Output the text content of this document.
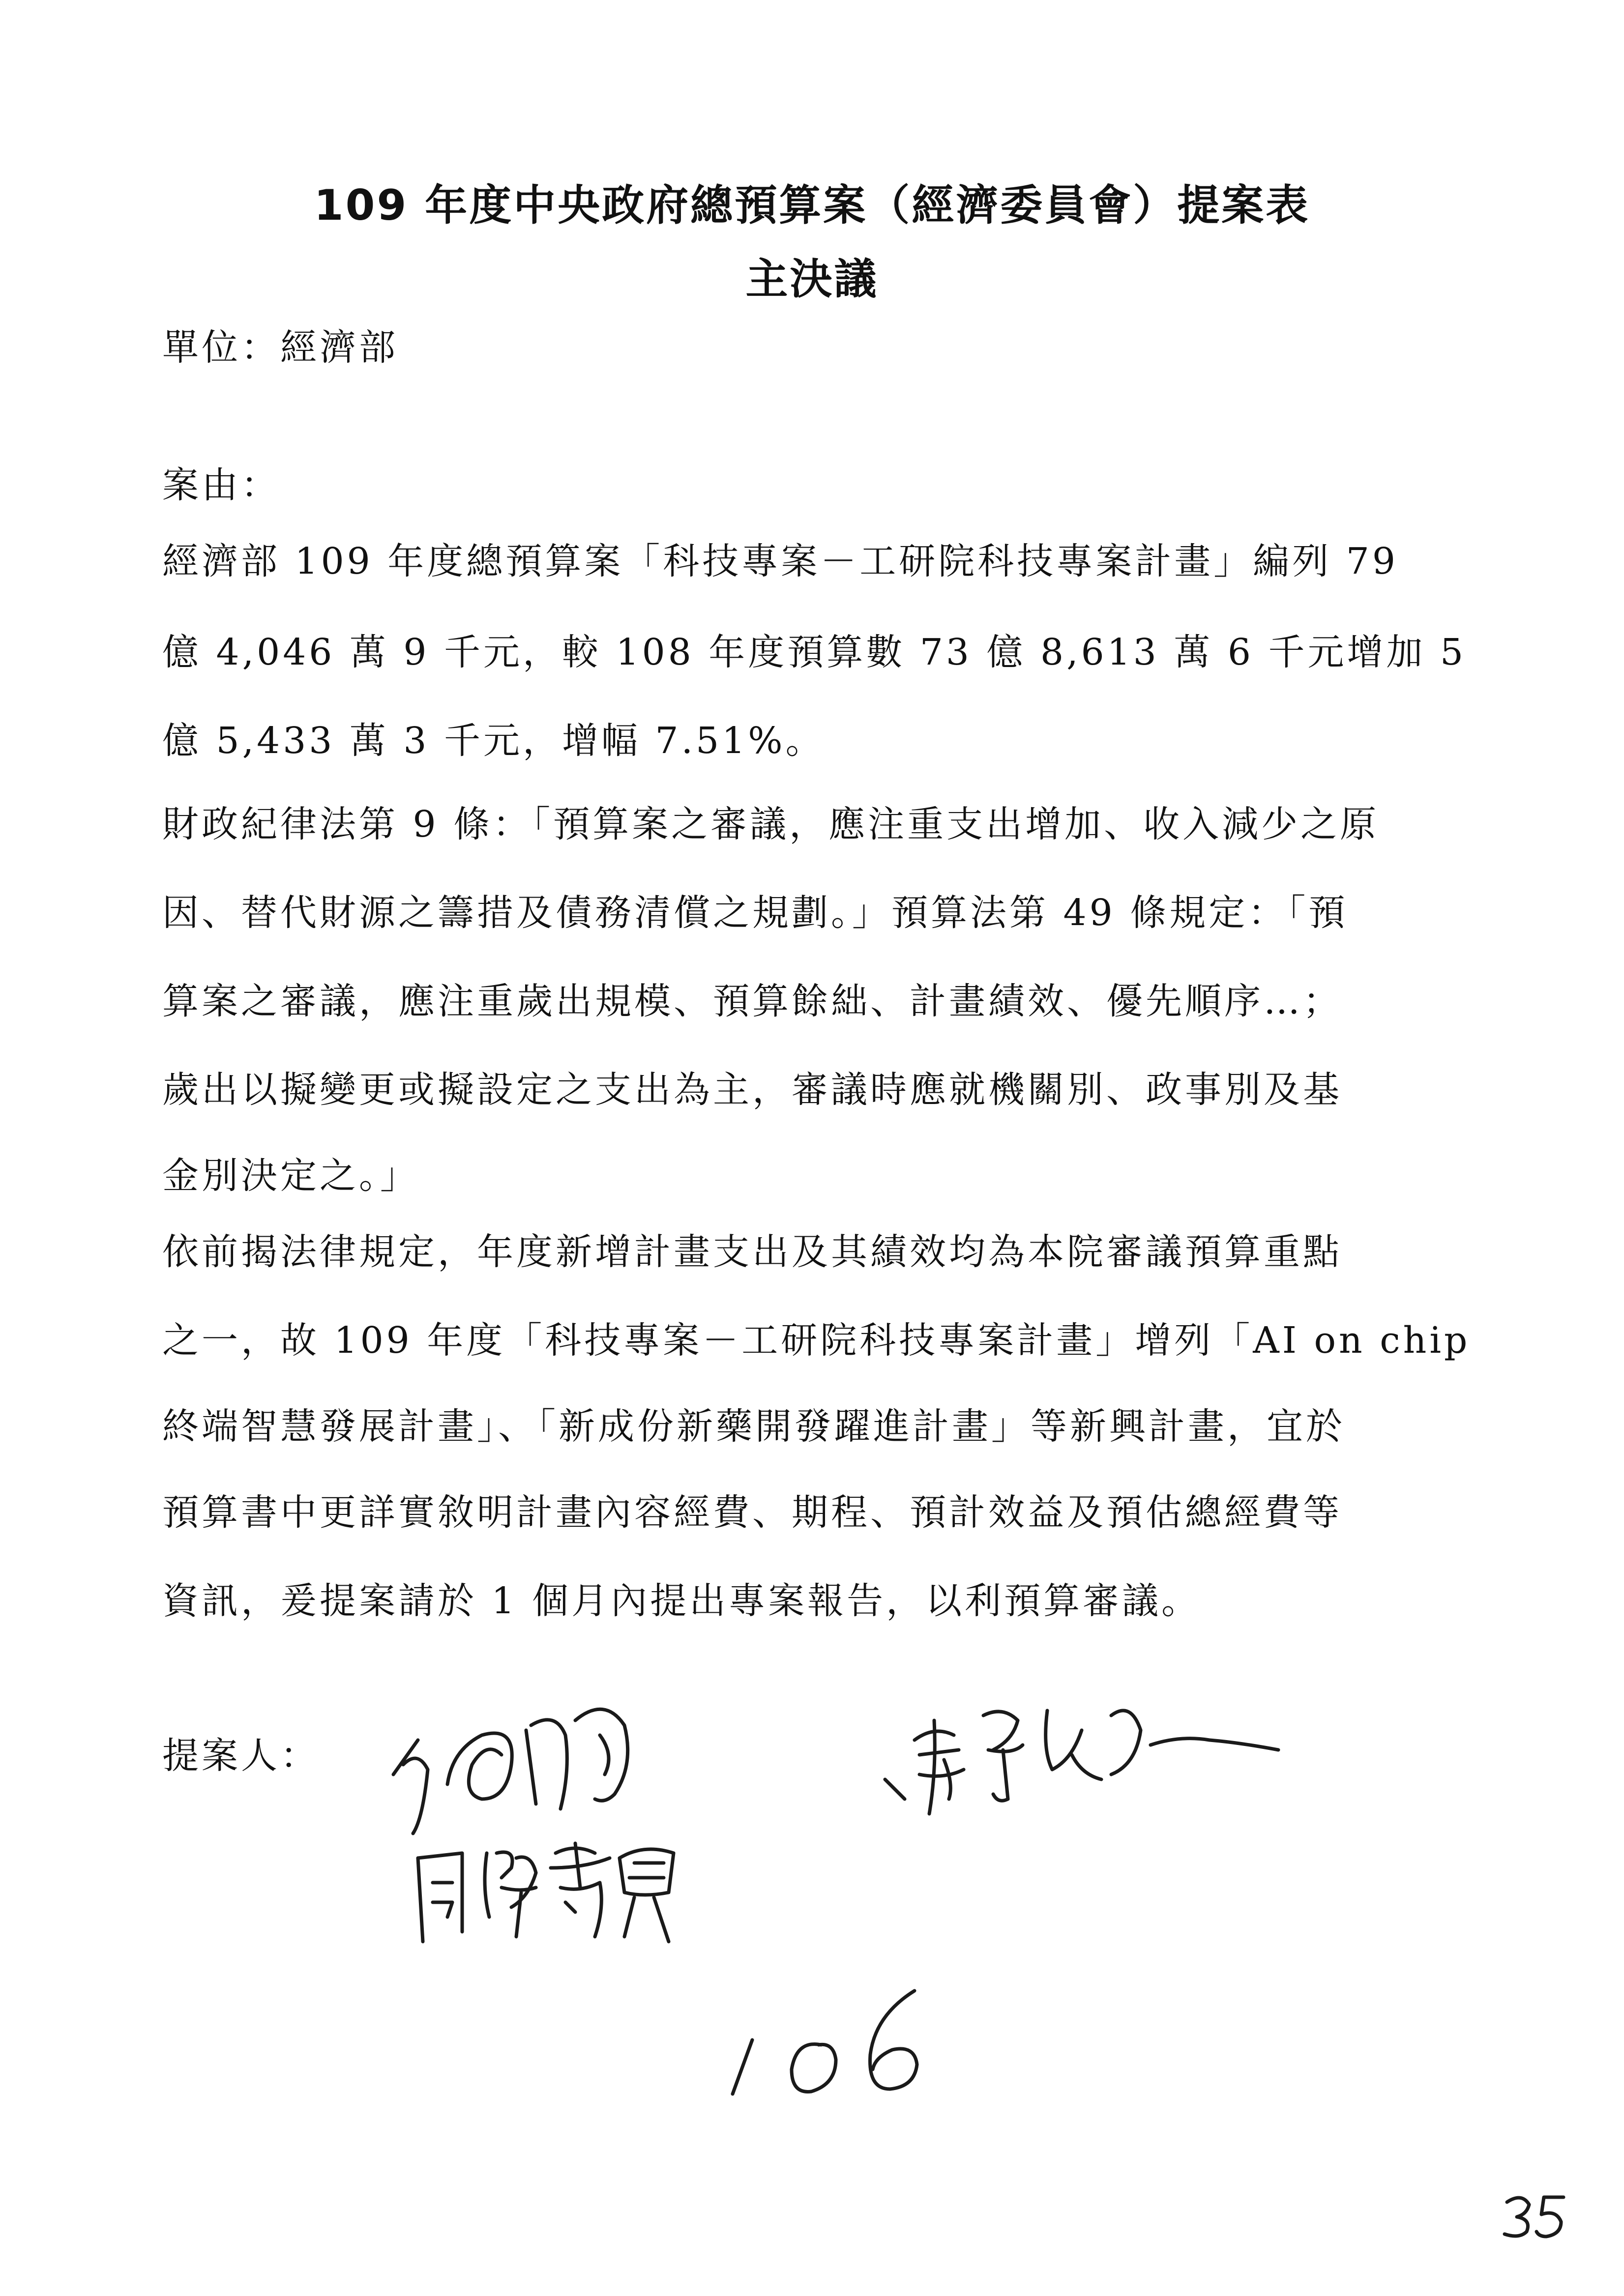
109 年度中央政府總預算案（經濟委員會）提案表
主決議
單位：經濟部
案由：
經濟部 109 年度總預算案「科技專案－工研院科技專案計畫」編列 79
億 4,046 萬 9 千元，較 108 年度預算數 73 億 8,613 萬 6 千元增加 5
億 5,433 萬 3 千元，增幅 7.51%。
財政紀律法第 9 條：「預算案之審議，應注重支出增加、收入減少之原
因、替代財源之籌措及債務清償之規劃。」預算法第 49 條規定：「預
算案之審議，應注重歲出規模、預算餘絀、計畫績效、優先順序…；
歲出以擬變更或擬設定之支出為主，審議時應就機關別、政事別及基
金別決定之。」
依前揭法律規定，年度新增計畫支出及其績效均為本院審議預算重點
之一，故 109 年度「科技專案－工研院科技專案計畫」增列「AI on chip
終端智慧發展計畫」、「新成份新藥開發躍進計畫」等新興計畫，宜於
預算書中更詳實敘明計畫內容經費、期程、預計效益及預估總經費等
資訊，爰提案請於 1 個月內提出專案報告，以利預算審議。
提案人：
